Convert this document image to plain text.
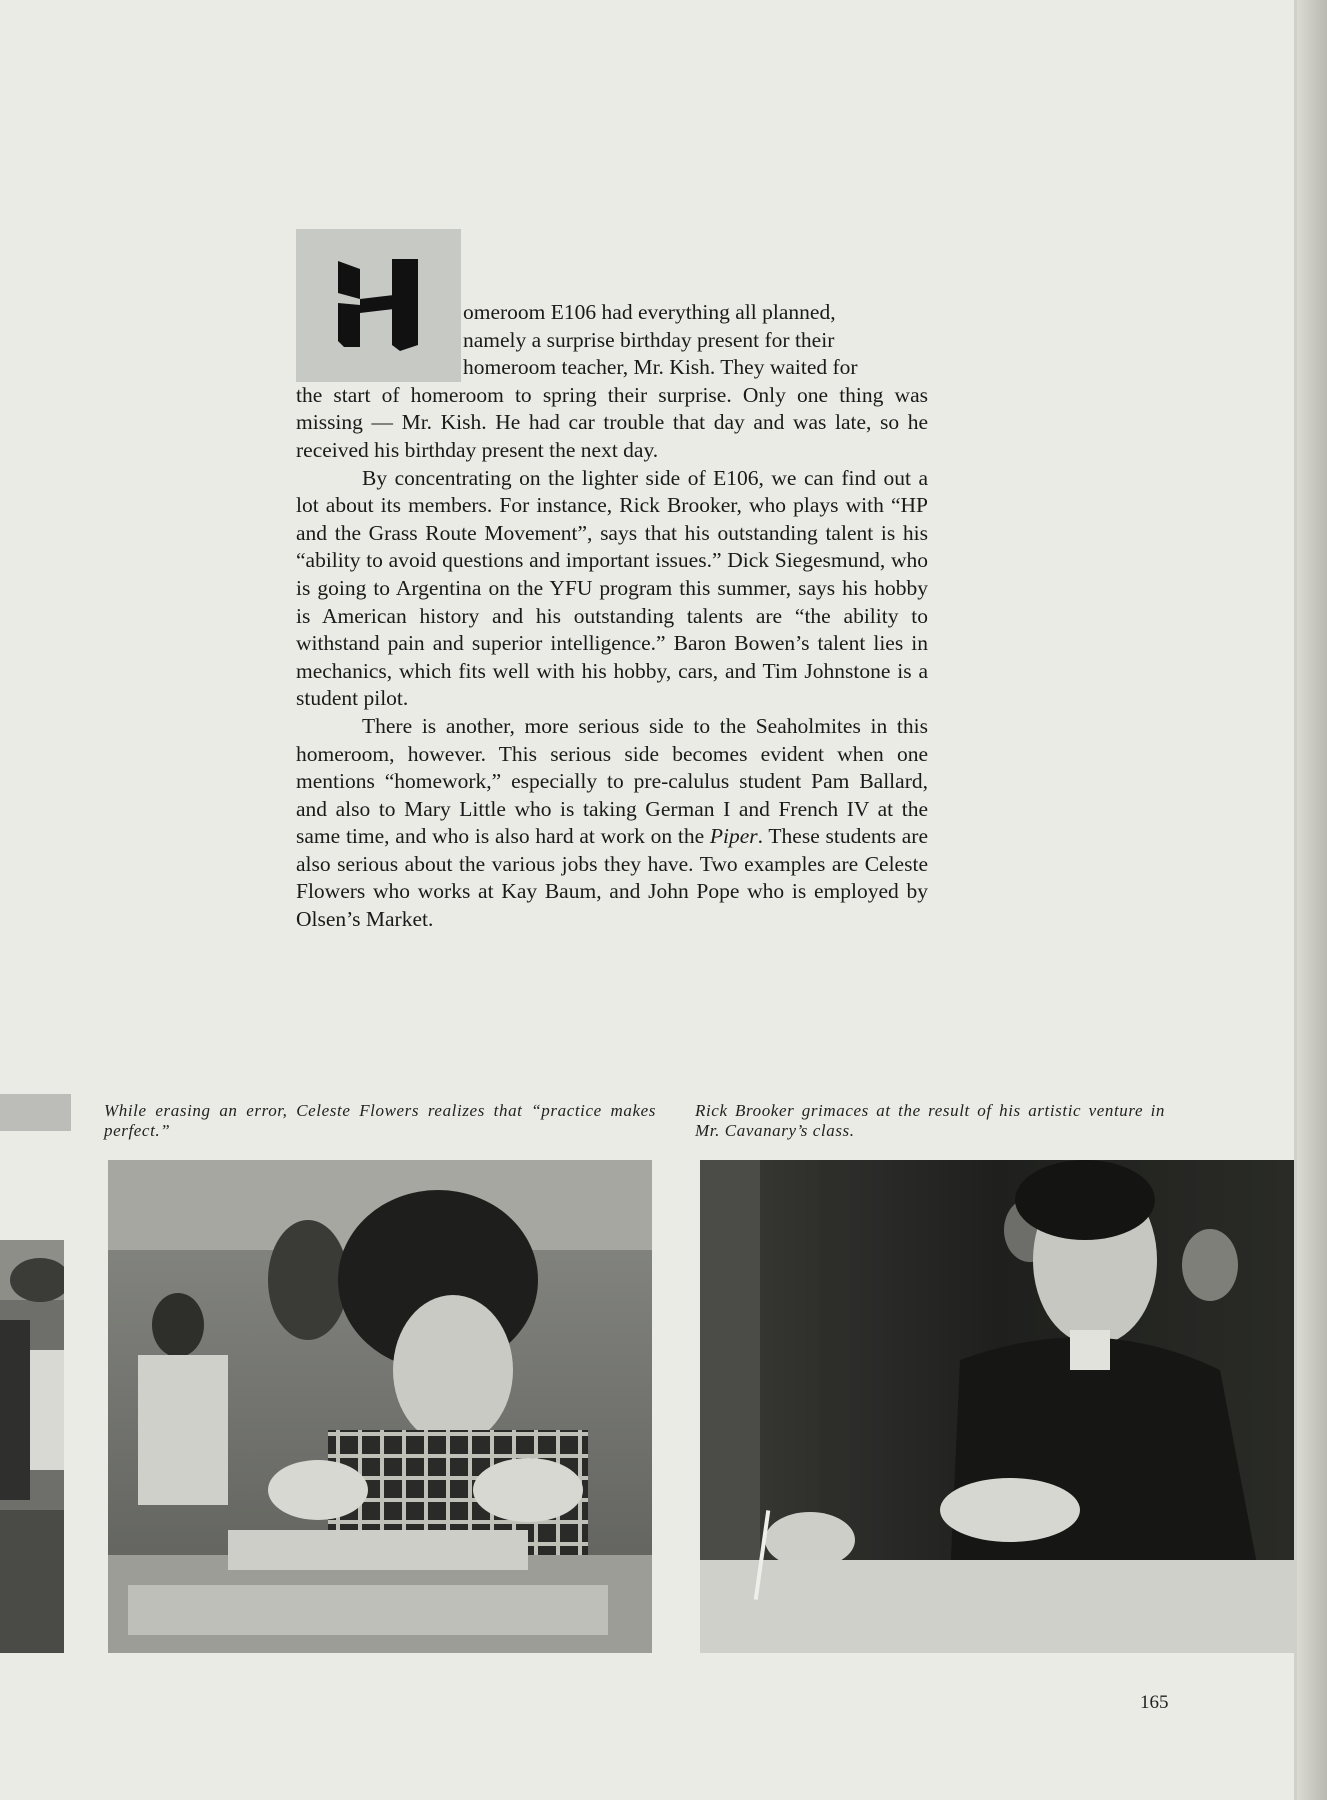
omeroom E106 had everything all planned,
namely a surprise birthday present for their
homeroom teacher, Mr. Kish. They waited for

the start of homeroom to spring their surprise. Only one thing was missing — Mr. Kish. He had car trouble that day and was late, so he received his birthday present the next day.

By concentrating on the lighter side of E106, we can find out a lot about its members. For instance, Rick Brooker, who plays with “HP and the Grass Route Movement”, says that his outstanding talent is his “ability to avoid questions and important issues.” Dick Siegesmund, who is going to Argentina on the YFU program this summer, says his hobby is American history and his outstanding talents are “the ability to withstand pain and superior intelligence.” Baron Bowen’s talent lies in mechanics, which fits well with his hobby, cars, and Tim Johnstone is a student pilot.

There is another, more serious side to the Seaholmites in this homeroom, however. This serious side becomes evident when one mentions “homework,” especially to pre-calulus student Pam Ballard, and also to Mary Little who is taking German I and French IV at the same time, and who is also hard at work on the Piper. These students are also serious about the various jobs they have. Two examples are Celeste Flowers who works at Kay Baum, and John Pope who is employed by Olsen’s Market.

While erasing an error, Celeste Flowers realizes that “practice makes perfect.”
Rick Brooker grimaces at the result of his artistic venture in Mr. Cavanary’s class.
165
